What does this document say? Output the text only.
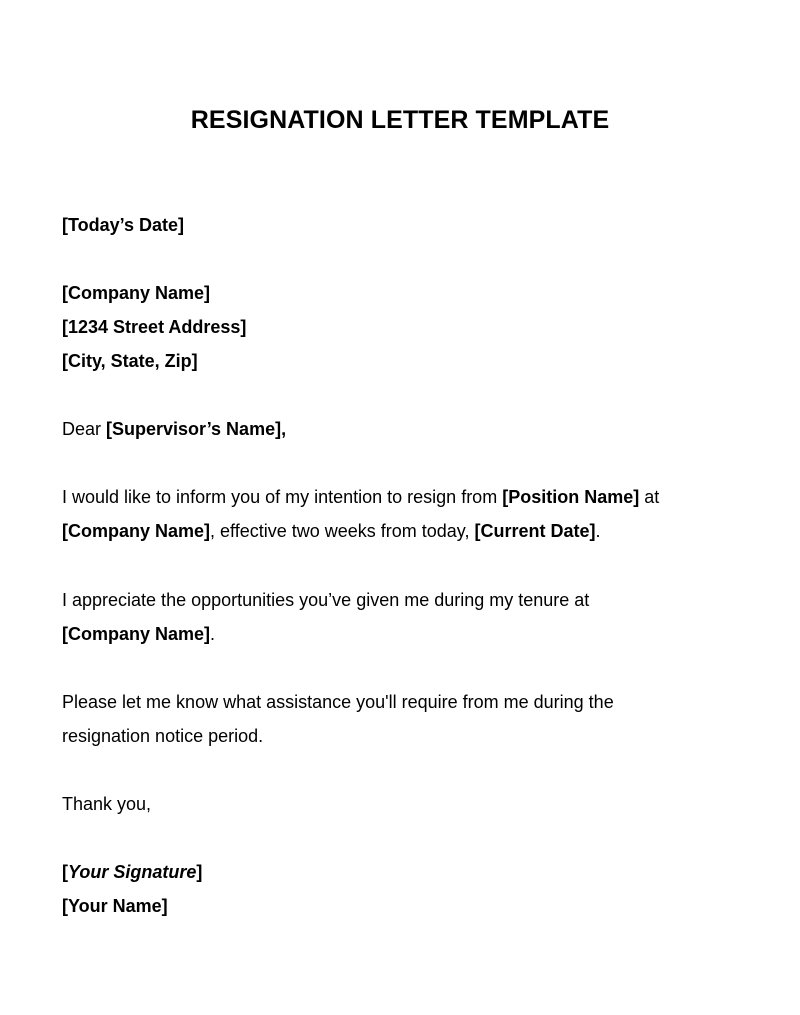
RESIGNATION LETTER TEMPLATE
[Today’s Date]
[Company Name]
[1234 Street Address]
[City, State, Zip]
Dear [Supervisor’s Name],
I would like to inform you of my intention to resign from [Position Name] at
[Company Name], effective two weeks from today, [Current Date].
I appreciate the opportunities you’ve given me during my tenure at
[Company Name].
Please let me know what assistance you'll require from me during the
resignation notice period.
Thank you,
[Your Signature]
[Your Name]
